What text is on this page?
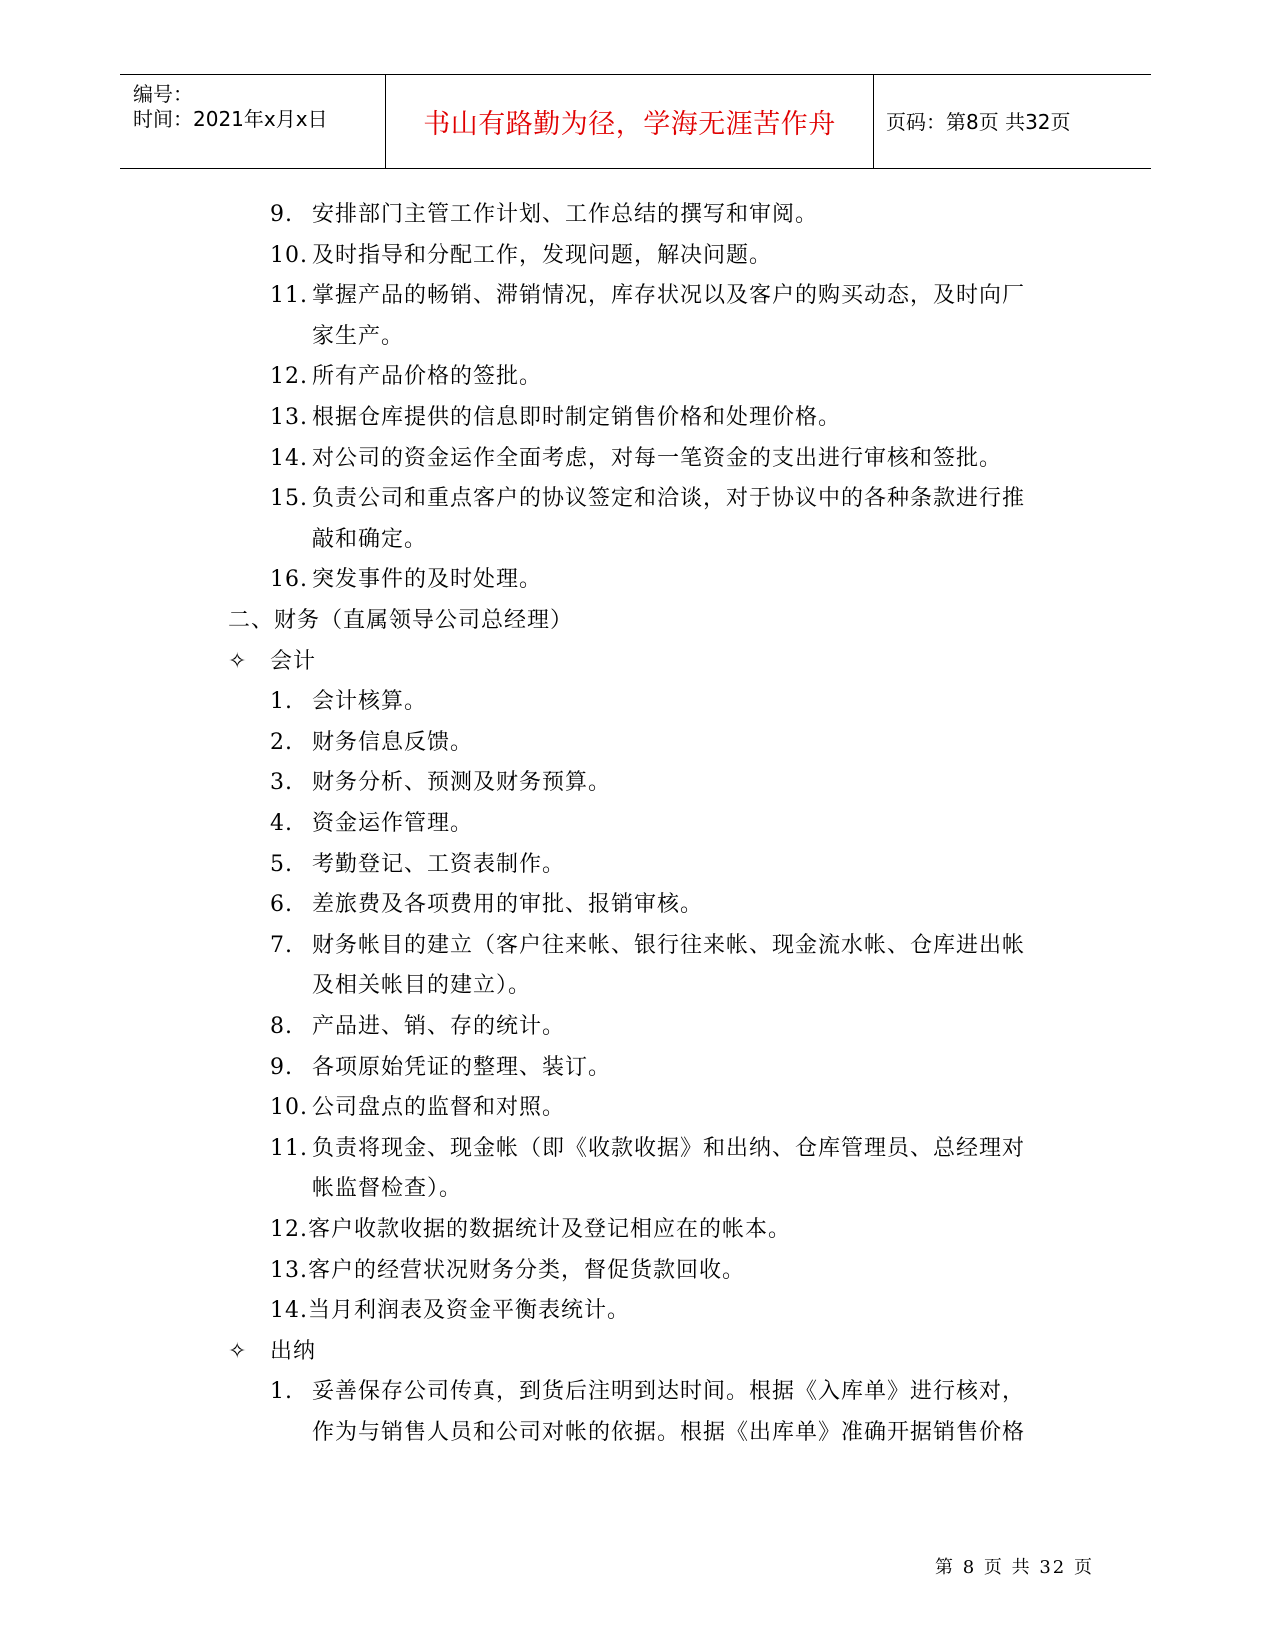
编号：
时间：2021年x月x日	书山有路勤为径，学海无涯苦作舟	页码：第8页 共32页
9. 安排部门主管工作计划、工作总结的撰写和审阅。
10. 及时指导和分配工作，发现问题，解决问题。
11. 掌握产品的畅销、滞销情况，库存状况以及客户的购买动态，及时向厂
家生产。
12. 所有产品价格的签批。
13. 根据仓库提供的信息即时制定销售价格和处理价格。
14. 对公司的资金运作全面考虑，对每一笔资金的支出进行审核和签批。
15. 负责公司和重点客户的协议签定和洽谈，对于协议中的各种条款进行推
敲和确定。
16. 突发事件的及时处理。
二、财务（直属领导公司总经理）
✧ 会计
1. 会计核算。
2. 财务信息反馈。
3. 财务分析、预测及财务预算。
4. 资金运作管理。
5. 考勤登记、工资表制作。
6. 差旅费及各项费用的审批、报销审核。
7. 财务帐目的建立（客户往来帐、银行往来帐、现金流水帐、仓库进出帐
及相关帐目的建立）。
8. 产品进、销、存的统计。
9. 各项原始凭证的整理、装订。
10. 公司盘点的监督和对照。
11. 负责将现金、现金帐（即《收款收据》和出纳、仓库管理员、总经理对
帐监督检查）。
12. 客户收款收据的数据统计及登记相应在的帐本。
13. 客户的经营状况财务分类，督促货款回收。
14. 当月利润表及资金平衡表统计。
✧ 出纳
1. 妥善保存公司传真，到货后注明到达时间。根据《入库单》进行核对，
作为与销售人员和公司对帐的依据。根据《出库单》准确开据销售价格
第 8 页 共 32 页
